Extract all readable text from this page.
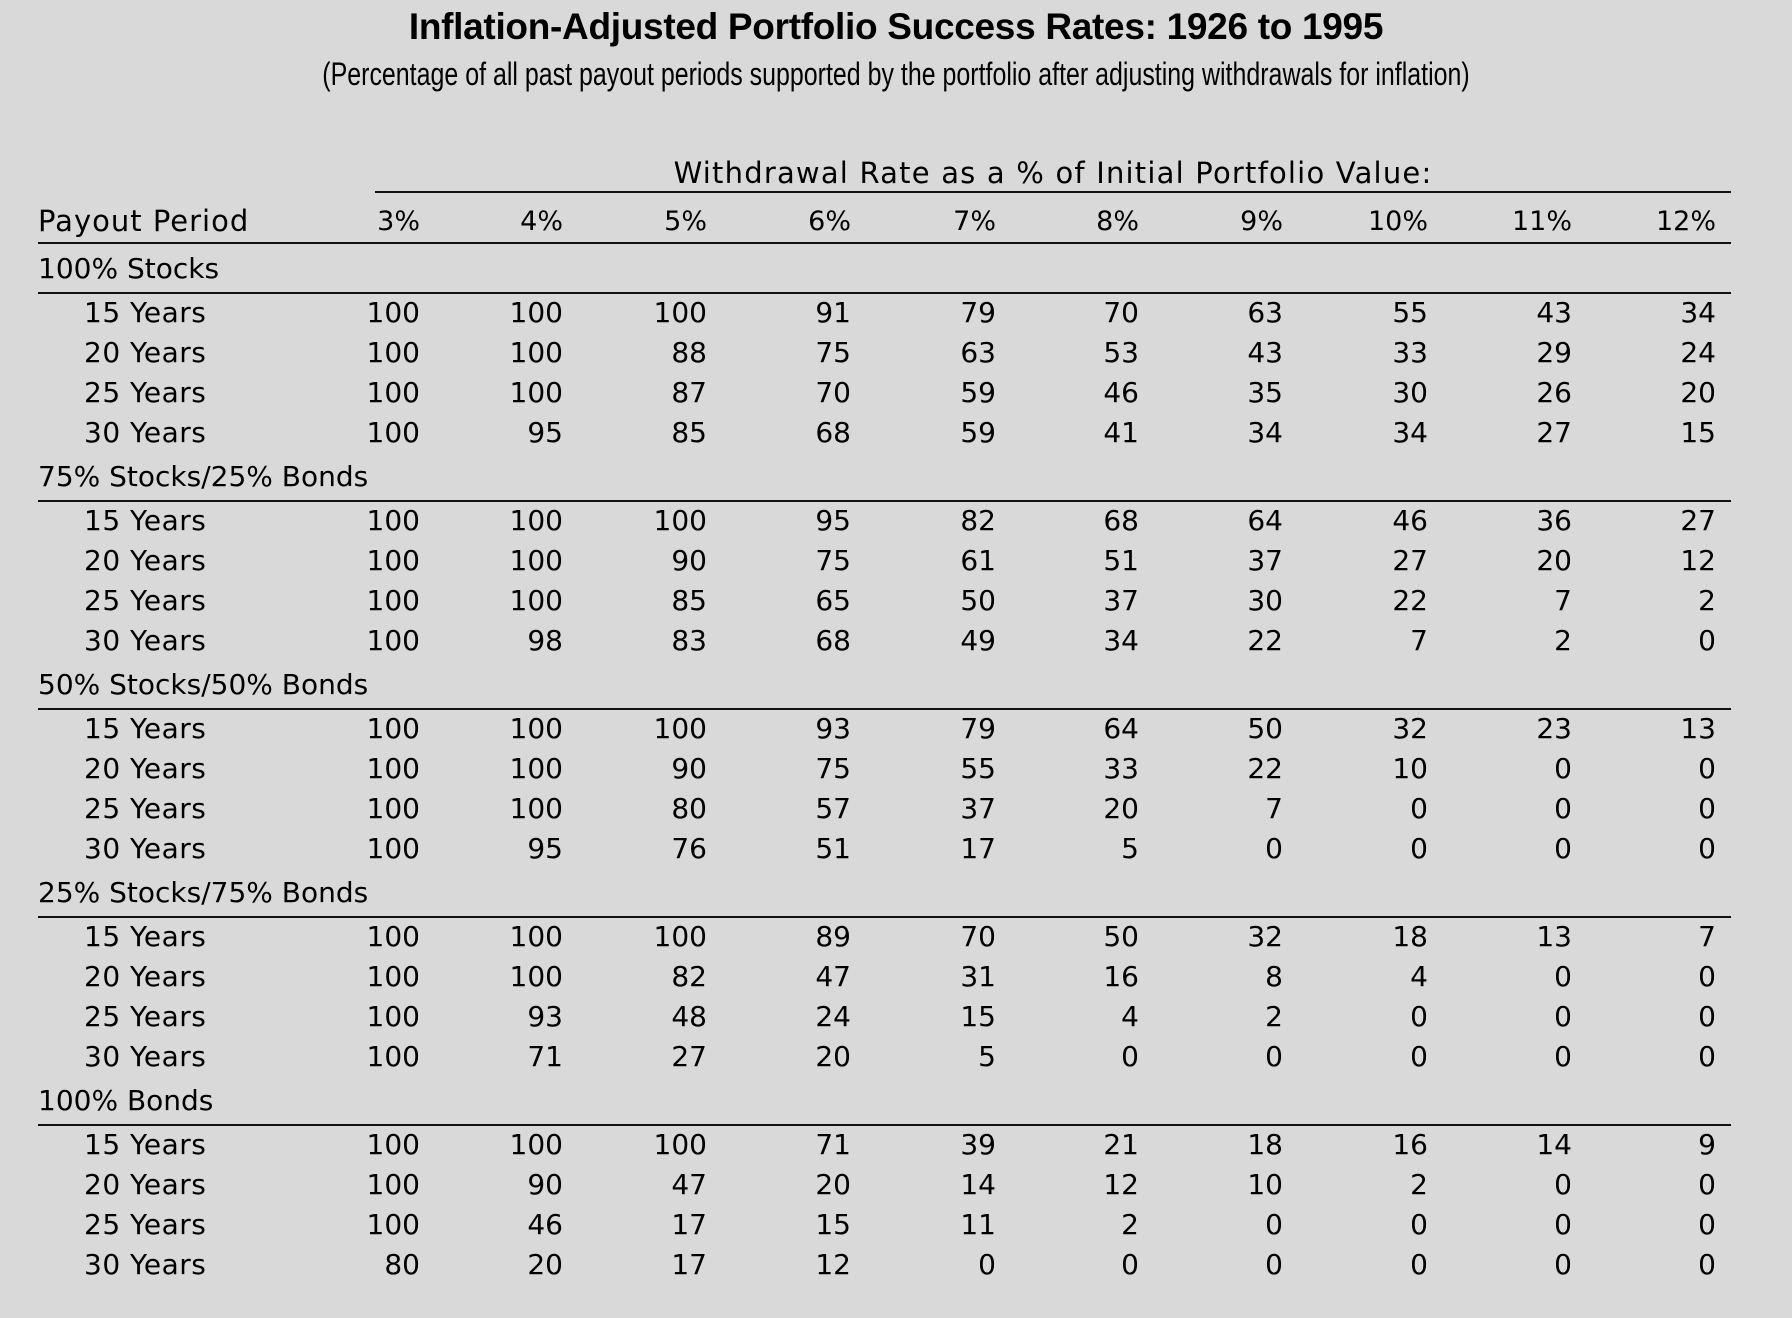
Inflation-Adjusted Portfolio Success Rates: 1926 to 1995
(Percentage of all past payout periods supported by the portfolio after adjusting withdrawals for inflation)
Withdrawal Rate as a % of Initial Portfolio Value:
Payout Period	3%	4%	5%	6%	7%	8%	9%	10%	11%	12%
100% Stocks
15 Years	100	100	100	91	79	70	63	55	43	34
20 Years	100	100	88	75	63	53	43	33	29	24
25 Years	100	100	87	70	59	46	35	30	26	20
30 Years	100	95	85	68	59	41	34	34	27	15
75% Stocks/25% Bonds
15 Years	100	100	100	95	82	68	64	46	36	27
20 Years	100	100	90	75	61	51	37	27	20	12
25 Years	100	100	85	65	50	37	30	22	7	2
30 Years	100	98	83	68	49	34	22	7	2	0
50% Stocks/50% Bonds
15 Years	100	100	100	93	79	64	50	32	23	13
20 Years	100	100	90	75	55	33	22	10	0	0
25 Years	100	100	80	57	37	20	7	0	0	0
30 Years	100	95	76	51	17	5	0	0	0	0
25% Stocks/75% Bonds
15 Years	100	100	100	89	70	50	32	18	13	7
20 Years	100	100	82	47	31	16	8	4	0	0
25 Years	100	93	48	24	15	4	2	0	0	0
30 Years	100	71	27	20	5	0	0	0	0	0
100% Bonds
15 Years	100	100	100	71	39	21	18	16	14	9
20 Years	100	90	47	20	14	12	10	2	0	0
25 Years	100	46	17	15	11	2	0	0	0	0
30 Years	80	20	17	12	0	0	0	0	0	0
